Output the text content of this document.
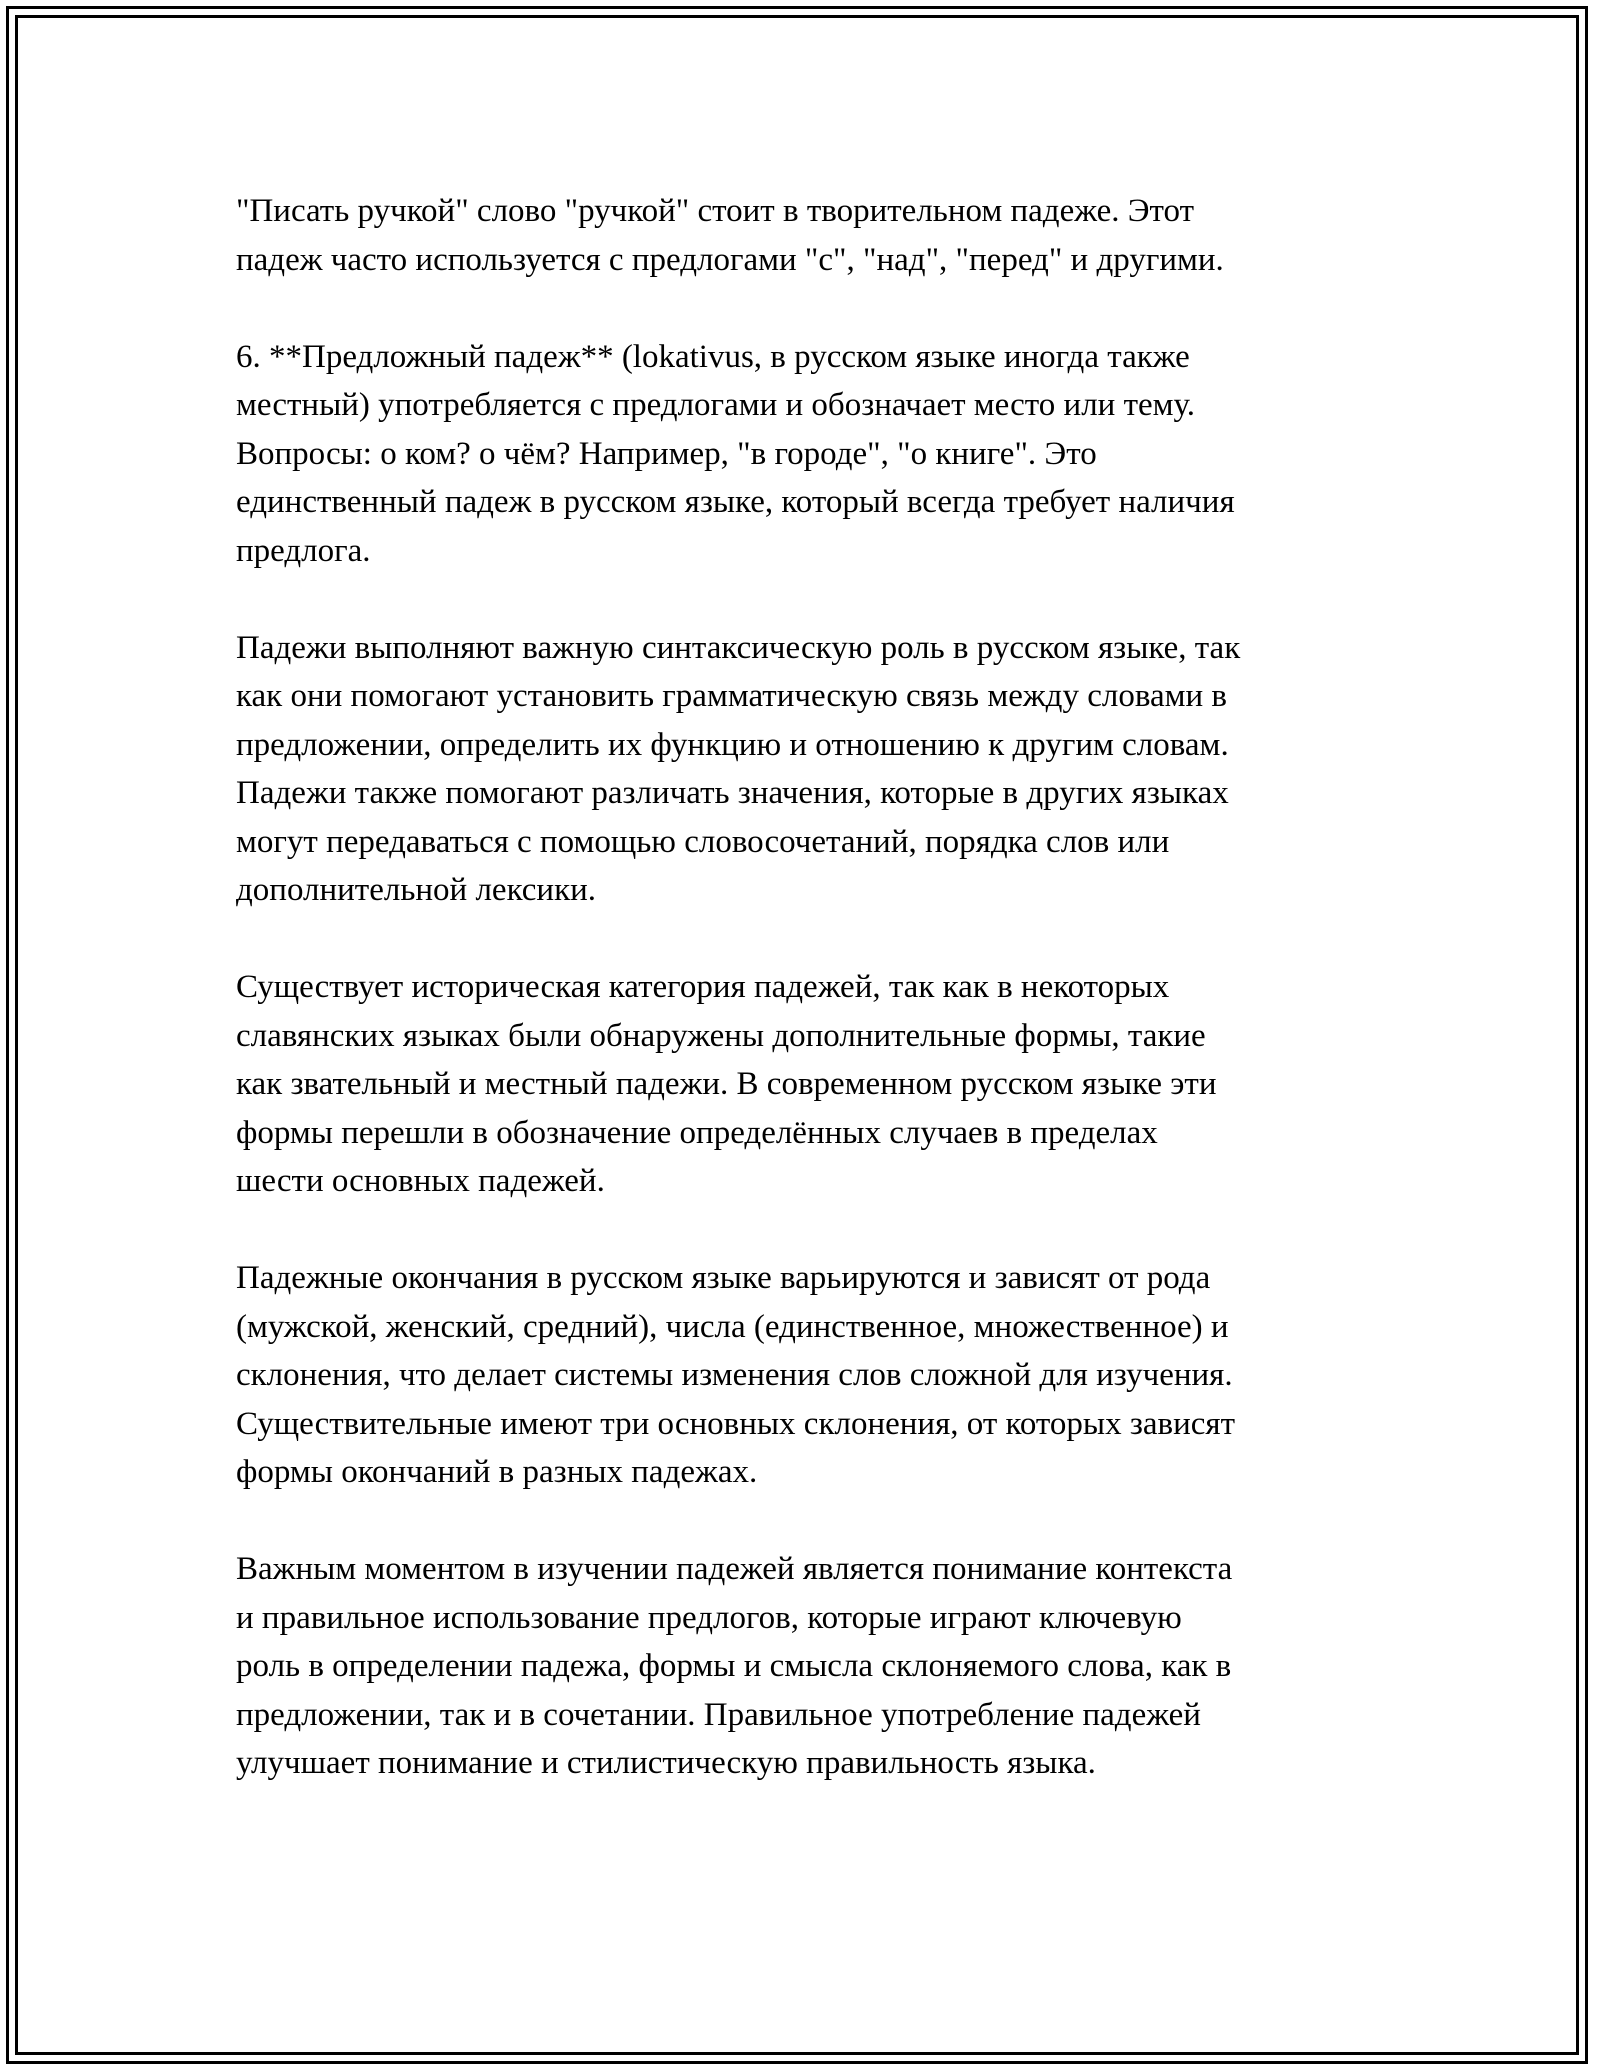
"Писать ручкой" слово "ручкой" стоит в творительном падеже. Этот
падеж часто используется с предлогами "с", "над", "перед" и другими.

6. **Предложный падеж** (lokativus, в русском языке иногда также
местный) употребляется с предлогами и обозначает место или тему.
Вопросы: о ком? о чём? Например, "в городе", "о книге". Это
единственный падеж в русском языке, который всегда требует наличия
предлога.

Падежи выполняют важную синтаксическую роль в русском языке, так
как они помогают установить грамматическую связь между словами в
предложении, определить их функцию и отношению к другим словам.
Падежи также помогают различать значения, которые в других языках
могут передаваться с помощью словосочетаний, порядка слов или
дополнительной лексики.

Существует историческая категория падежей, так как в некоторых
славянских языках были обнаружены дополнительные формы, такие
как звательный и местный падежи. В современном русском языке эти
формы перешли в обозначение определённых случаев в пределах
шести основных падежей.

Падежные окончания в русском языке варьируются и зависят от рода
(мужской, женский, средний), числа (единственное, множественное) и
склонения, что делает системы изменения слов сложной для изучения.
Существительные имеют три основных склонения, от которых зависят
формы окончаний в разных падежах.

Важным моментом в изучении падежей является понимание контекста
и правильное использование предлогов, которые играют ключевую
роль в определении падежа, формы и смысла склоняемого слова, как в
предложении, так и в сочетании. Правильное употребление падежей
улучшает понимание и стилистическую правильность языка.
